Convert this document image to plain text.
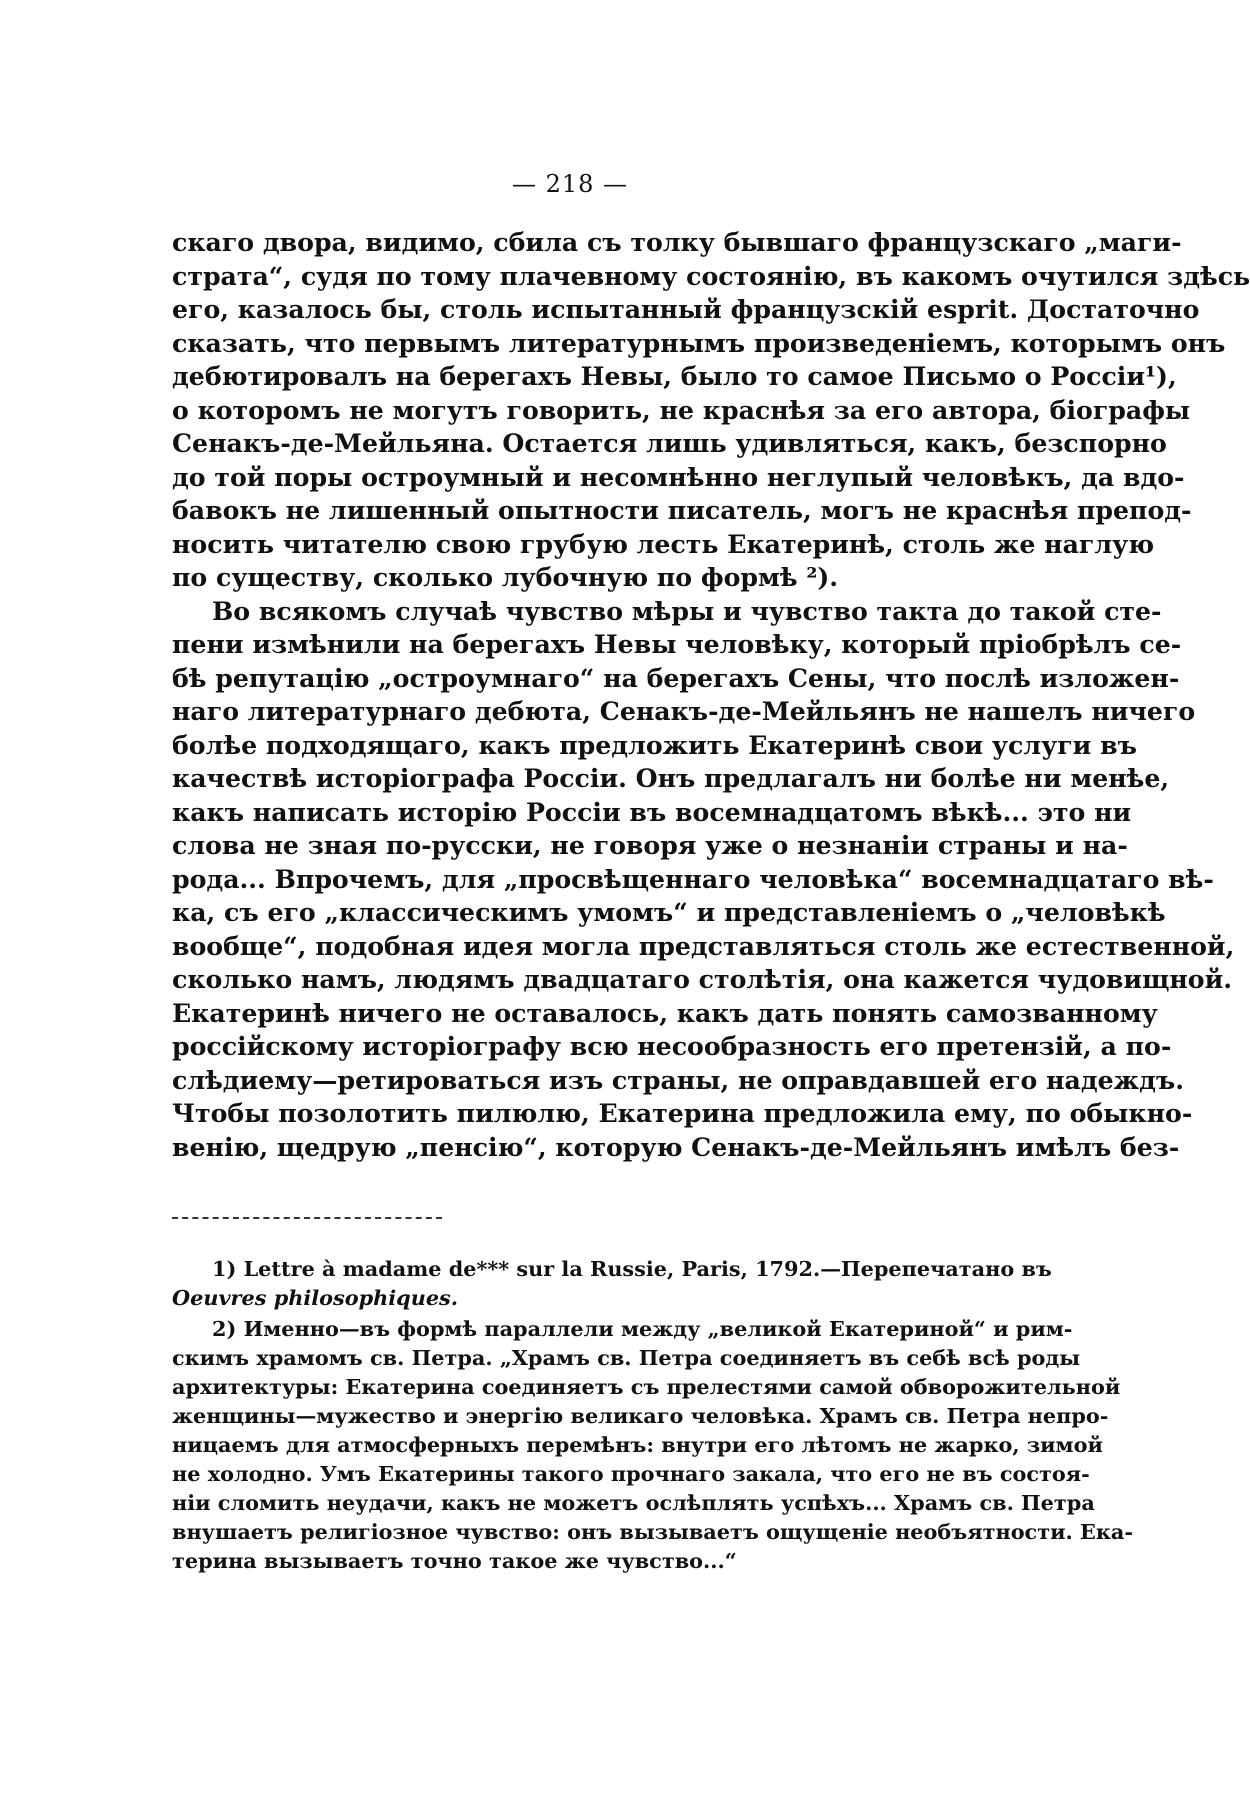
— 218 —
скаго двора, видимо, сбила съ толку бывшаго французскаго „маги-
страта“, судя по тому плачевному состоянію, въ какомъ очутился здѣсь
его, казалось бы, столь испытанный французскій esprit. Достаточно
сказать, что первымъ литературнымъ произведеніемъ, которымъ онъ
дебютировалъ на берегахъ Невы, было то самое Письмо о Россіи¹),
о которомъ не могутъ говорить, не краснѣя за его автора, біографы
Сенакъ-де-Мейльяна. Остается лишь удивляться, какъ, безспорно
до той поры остроумный и несомнѣнно неглупый человѣкъ, да вдо-
бавокъ не лишенный опытности писатель, могъ не краснѣя препод-
носить читателю свою грубую лесть Екатеринѣ, столь же наглую
по существу, сколько лубочную по формѣ ²).
Во всякомъ случаѣ чувство мѣры и чувство такта до такой сте-
пени измѣнили на берегахъ Невы человѣку, который пріобрѣлъ се-
бѣ репутацію „остроумнаго“ на берегахъ Сены, что послѣ изложен-
наго литературнаго дебюта, Сенакъ-де-Мейльянъ не нашелъ ничего
болѣе подходящаго, какъ предложить Екатеринѣ свои услуги въ
качествѣ исторіографа Россіи. Онъ предлагалъ ни болѣе ни менѣе,
какъ написать исторію Россіи въ восемнадцатомъ вѣкѣ... это ни
слова не зная по-русски, не говоря уже о незнаніи страны и на-
рода... Впрочемъ, для „просвѣщеннаго человѣка“ восемнадцатаго вѣ-
ка, съ его „классическимъ умомъ“ и представленіемъ о „человѣкѣ
вообще“, подобная идея могла представляться столь же естественной,
сколько намъ, людямъ двадцатаго столѣтія, она кажется чудовищной.
Екатеринѣ ничего не оставалось, какъ дать понять самозванному
россійскому исторіографу всю несообразность его претензій, а по-
слѣдиему—ретироваться изъ страны, не оправдавшей его надеждъ.
Чтобы позолотить пилюлю, Екатерина предложила ему, по обыкно-
венію, щедрую „пенсію“, которую Сенакъ-де-Мейльянъ имѣлъ без-
1) Lettre à madame de*** sur la Russie, Paris, 1792.—Перепечатано въ
Oeuvres philosophiques.
2) Именно—въ формѣ параллели между „великой Екатериной“ и рим-
скимъ храмомъ св. Петра. „Храмъ св. Петра соединяетъ въ себѣ всѣ роды
архитектуры: Екатерина соединяетъ съ прелестями самой обворожительной
женщины—мужество и энергію великаго человѣка. Храмъ св. Петра непро-
ницаемъ для атмосферныхъ перемѣнъ: внутри его лѣтомъ не жарко, зимой
не холодно. Умъ Екатерины такого прочнаго закала, что его не въ состоя-
ніи сломить неудачи, какъ не можетъ ослѣплять успѣхъ... Храмъ св. Петра
внушаетъ религіозное чувство: онъ вызываетъ ощущеніе необъятности. Ека-
терина вызываетъ точно такое же чувство...“
